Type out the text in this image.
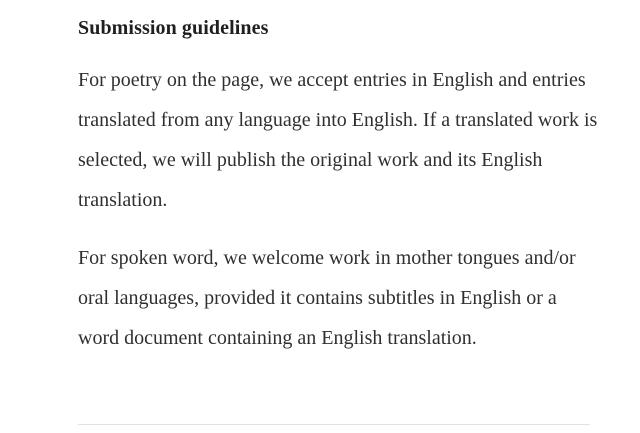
Submission guidelines

For poetry on the page, we accept entries in English and entries translated from any language into English. If a translated work is selected, we will publish the original work and its English translation.

For spoken word, we welcome work in mother tongues and/or oral languages, provided it contains subtitles in English or a word document containing an English translation.
